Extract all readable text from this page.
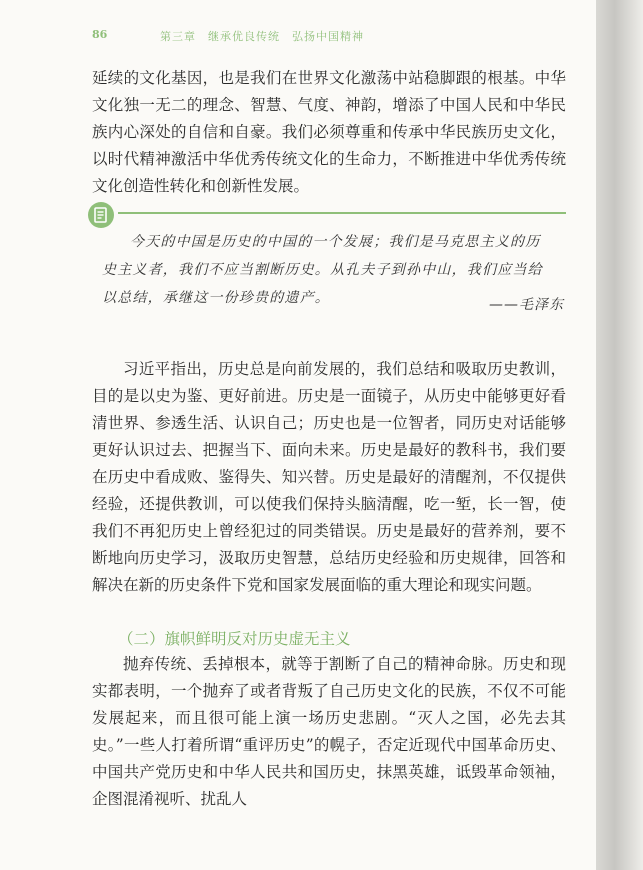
86	第三章　继承优良传统　弘扬中国精神

延续的文化基因，也是我们在世界文化激荡中站稳脚跟的根基。中华文化独一无二的理念、智慧、气度、神韵，增添了中国人民和中华民族内心深处的自信和自豪。我们必须尊重和传承中华民族历史文化，以时代精神激活中华优秀传统文化的生命力，不断推进中华优秀传统文化创造性转化和创新性发展。

今天的中国是历史的中国的一个发展；我们是马克思主义的历史主义者，我们不应当割断历史。从孔夫子到孙中山，我们应当给以总结，承继这一份珍贵的遗产。	——毛泽东

习近平指出，历史总是向前发展的，我们总结和吸取历史教训，目的是以史为鉴、更好前进。历史是一面镜子，从历史中能够更好看清世界、参透生活、认识自己；历史也是一位智者，同历史对话能够更好认识过去、把握当下、面向未来。历史是最好的教科书，我们要在历史中看成败、鉴得失、知兴替。历史是最好的清醒剂，不仅提供经验，还提供教训，可以使我们保持头脑清醒，吃一堑，长一智，使我们不再犯历史上曾经犯过的同类错误。历史是最好的营养剂，要不断地向历史学习，汲取历史智慧，总结历史经验和历史规律，回答和解决在新的历史条件下党和国家发展面临的重大理论和现实问题。

（二）旗帜鲜明反对历史虚无主义

抛弃传统、丢掉根本，就等于割断了自己的精神命脉。历史和现实都表明，一个抛弃了或者背叛了自己历史文化的民族，不仅不可能发展起来，而且很可能上演一场历史悲剧。“灭人之国，必先去其史。”一些人打着所谓“重评历史”的幌子，否定近现代中国革命历史、中国共产党历史和中华人民共和国历史，抹黑英雄，诋毁革命领袖，企图混淆视听、扰乱人
